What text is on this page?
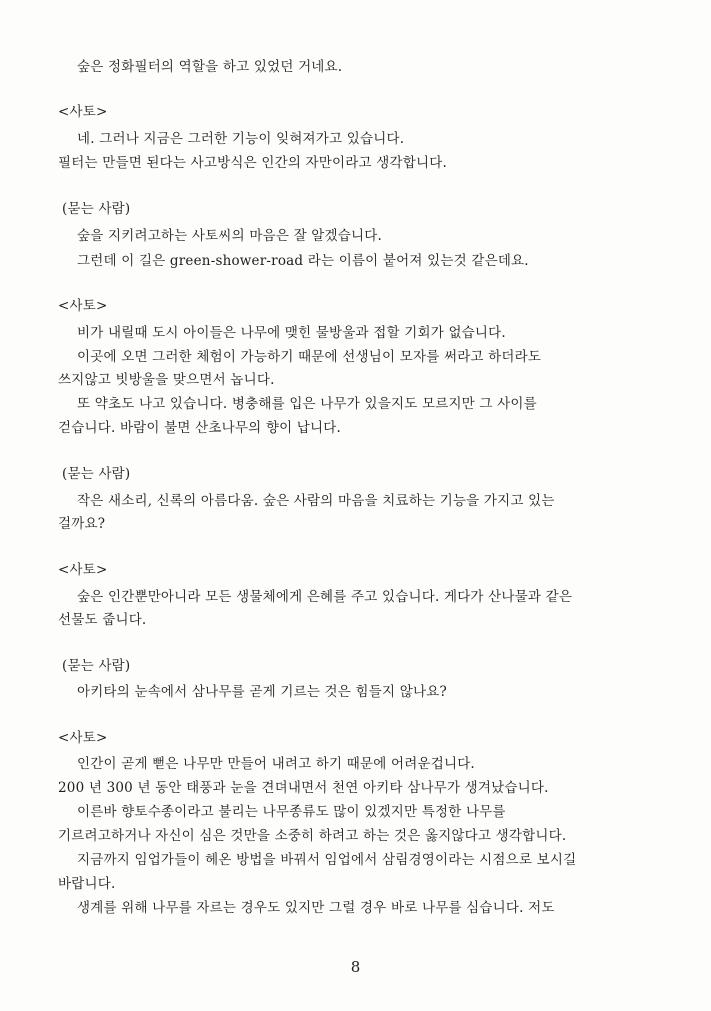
숲은 정화필터의 역할을 하고 있었던 거네요.
<사토>
네. 그러나 지금은 그러한 기능이 잊혀져가고 있습니다.
필터는 만들면 된다는 사고방식은 인간의 자만이라고 생각합니다.
(묻는 사람)
숲을 지키려고하는 사토씨의 마음은 잘 알겠습니다.
그런데 이 길은 green-shower-road 라는 이름이 붙어져 있는것 같은데요.
<사토>
비가 내릴때 도시 아이들은 나무에 맺힌 물방울과 접할 기회가 없습니다.
이곳에 오면 그러한 체험이 가능하기 때문에 선생님이 모자를 써라고 하더라도
쓰지않고 빗방울을 맞으면서 놉니다.
또 약초도 나고 있습니다. 병충해를 입은 나무가 있을지도 모르지만 그 사이를
걷습니다. 바람이 불면 산초나무의 향이 납니다.
(묻는 사람)
작은 새소리, 신록의 아름다움. 숲은 사람의 마음을 치료하는 기능을 가지고 있는
걸까요?
<사토>
숲은 인간뿐만아니라 모든 생물체에게 은혜를 주고 있습니다. 게다가 산나물과 같은
선물도 줍니다.
(묻는 사람)
아키타의 눈속에서 삼나무를 곧게 기르는 것은 힘들지 않나요?
<사토>
인간이 곧게 뻗은 나무만 만들어 내려고 하기 때문에 어려운겁니다.
200 년 300 년 동안 태풍과 눈을 견뎌내면서 천연 아키타 삼나무가 생겨났습니다.
이른바 향토수종이라고 불리는 나무종류도 많이 있겠지만 특정한 나무를
기르려고하거나 자신이 심은 것만을 소중히 하려고 하는 것은 옳지않다고 생각합니다.
지금까지 임업가들이 헤온 방법을 바꿔서 임업에서 삼림경영이라는 시점으로 보시길
바랍니다.
생계를 위해 나무를 자르는 경우도 있지만 그럴 경우 바로 나무를 심습니다. 저도
8
